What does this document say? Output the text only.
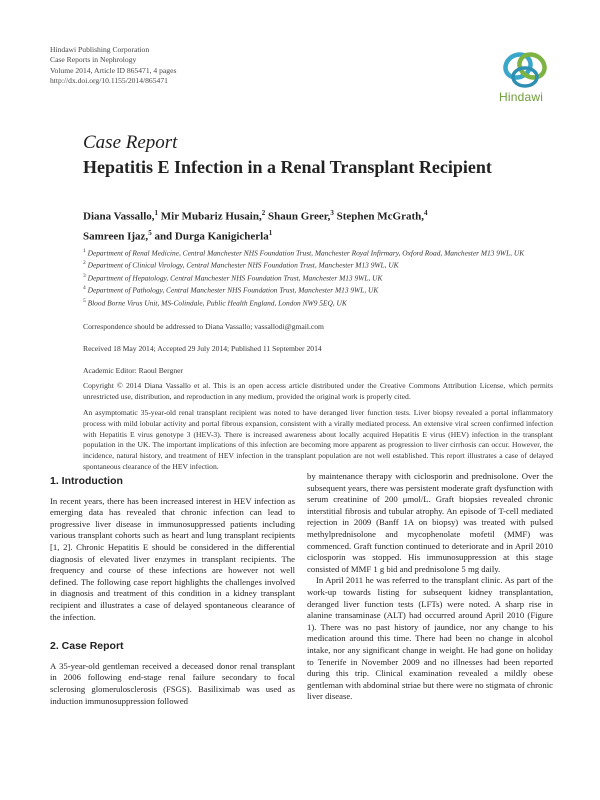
Hindawi Publishing Corporation
Case Reports in Nephrology
Volume 2014, Article ID 865471, 4 pages
http://dx.doi.org/10.1155/2014/865471
Hindawi
Case Report
Hepatitis E Infection in a Renal Transplant Recipient
Diana Vassallo,$^1$ Mir Mubariz Husain,$^2$ Shaun Greer,$^3$ Stephen McGrath,$^4$
Samreen Ijaz,$^5$ and Durga Kanigicherla$^1$
$^1$ Department of Renal Medicine, Central Manchester NHS Foundation Trust, Manchester Royal Infirmary, Oxford Road, Manchester M13 9WL, UK
$^2$ Department of Clinical Virology, Central Manchester NHS Foundation Trust, Manchester M13 9WL, UK
$^3$ Department of Hepatology, Central Manchester NHS Foundation Trust, Manchester M13 9WL, UK
$^4$ Department of Pathology, Central Manchester NHS Foundation Trust, Manchester M13 9WL, UK
$^5$ Blood Borne Virus Unit, MS-Colindale, Public Health England, London NW9 5EQ, UK
Correspondence should be addressed to Diana Vassallo; vassallodi@gmail.com
Received 18 May 2014; Accepted 29 July 2014; Published 11 September 2014
Academic Editor: Raoul Bergner
Copyright © 2014 Diana Vassallo et al. This is an open access article distributed under the Creative Commons Attribution License, which permits unrestricted use, distribution, and reproduction in any medium, provided the original work is properly cited.
An asymptomatic 35-year-old renal transplant recipient was noted to have deranged liver function tests. Liver biopsy revealed a portal inflammatory process with mild lobular activity and portal fibrous expansion, consistent with a virally mediated process. An extensive viral screen confirmed infection with Hepatitis E virus genotype 3 (HEV-3). There is increased awareness about locally acquired Hepatitis E virus (HEV) infection in the transplant population in the UK. The important implications of this infection are becoming more apparent as progression to liver cirrhosis can occur. However, the incidence, natural history, and treatment of HEV infection in the transplant population are not well established. This report illustrates a case of delayed spontaneous clearance of the HEV infection.
1. Introduction

In recent years, there has been increased interest in HEV infection as emerging data has revealed that chronic infection can lead to progressive liver disease in immunosuppressed patients including various transplant cohorts such as heart and lung transplant recipients [1, 2]. Chronic Hepatitis E should be considered in the differential diagnosis of elevated liver enzymes in transplant recipients. The frequency and course of these infections are however not well defined. The following case report highlights the challenges involved in diagnosis and treatment of this condition in a kidney transplant recipient and illustrates a case of delayed spontaneous clearance of the infection.

2. Case Report

A 35-year-old gentleman received a deceased donor renal transplant in 2006 following end-stage renal failure secondary to focal sclerosing glomerulosclerosis (FSGS). Basiliximab was used as induction immunosuppression followed

by maintenance therapy with ciclosporin and prednisolone. Over the subsequent years, there was persistent moderate graft dysfunction with serum creatinine of 200 μmol/L. Graft biopsies revealed chronic interstitial fibrosis and tubular atrophy. An episode of T-cell mediated rejection in 2009 (Banff 1A on biopsy) was treated with pulsed methylprednisolone and mycophenolate mofetil (MMF) was commenced. Graft function continued to deteriorate and in April 2010 ciclosporin was stopped. His immunosuppression at this stage consisted of MMF 1 g bid and prednisolone 5 mg daily.

In April 2011 he was referred to the transplant clinic. As part of the work-up towards listing for subsequent kidney transplantation, deranged liver function tests (LFTs) were noted. A sharp rise in alanine transaminase (ALT) had occurred around April 2010 (Figure 1). There was no past history of jaundice, nor any change to his medication around this time. There had been no change in alcohol intake, nor any significant change in weight. He had gone on holiday to Tenerife in November 2009 and no illnesses had been reported during this trip. Clinical examination revealed a mildly obese gentleman with abdominal striae but there were no stigmata of chronic liver disease.
